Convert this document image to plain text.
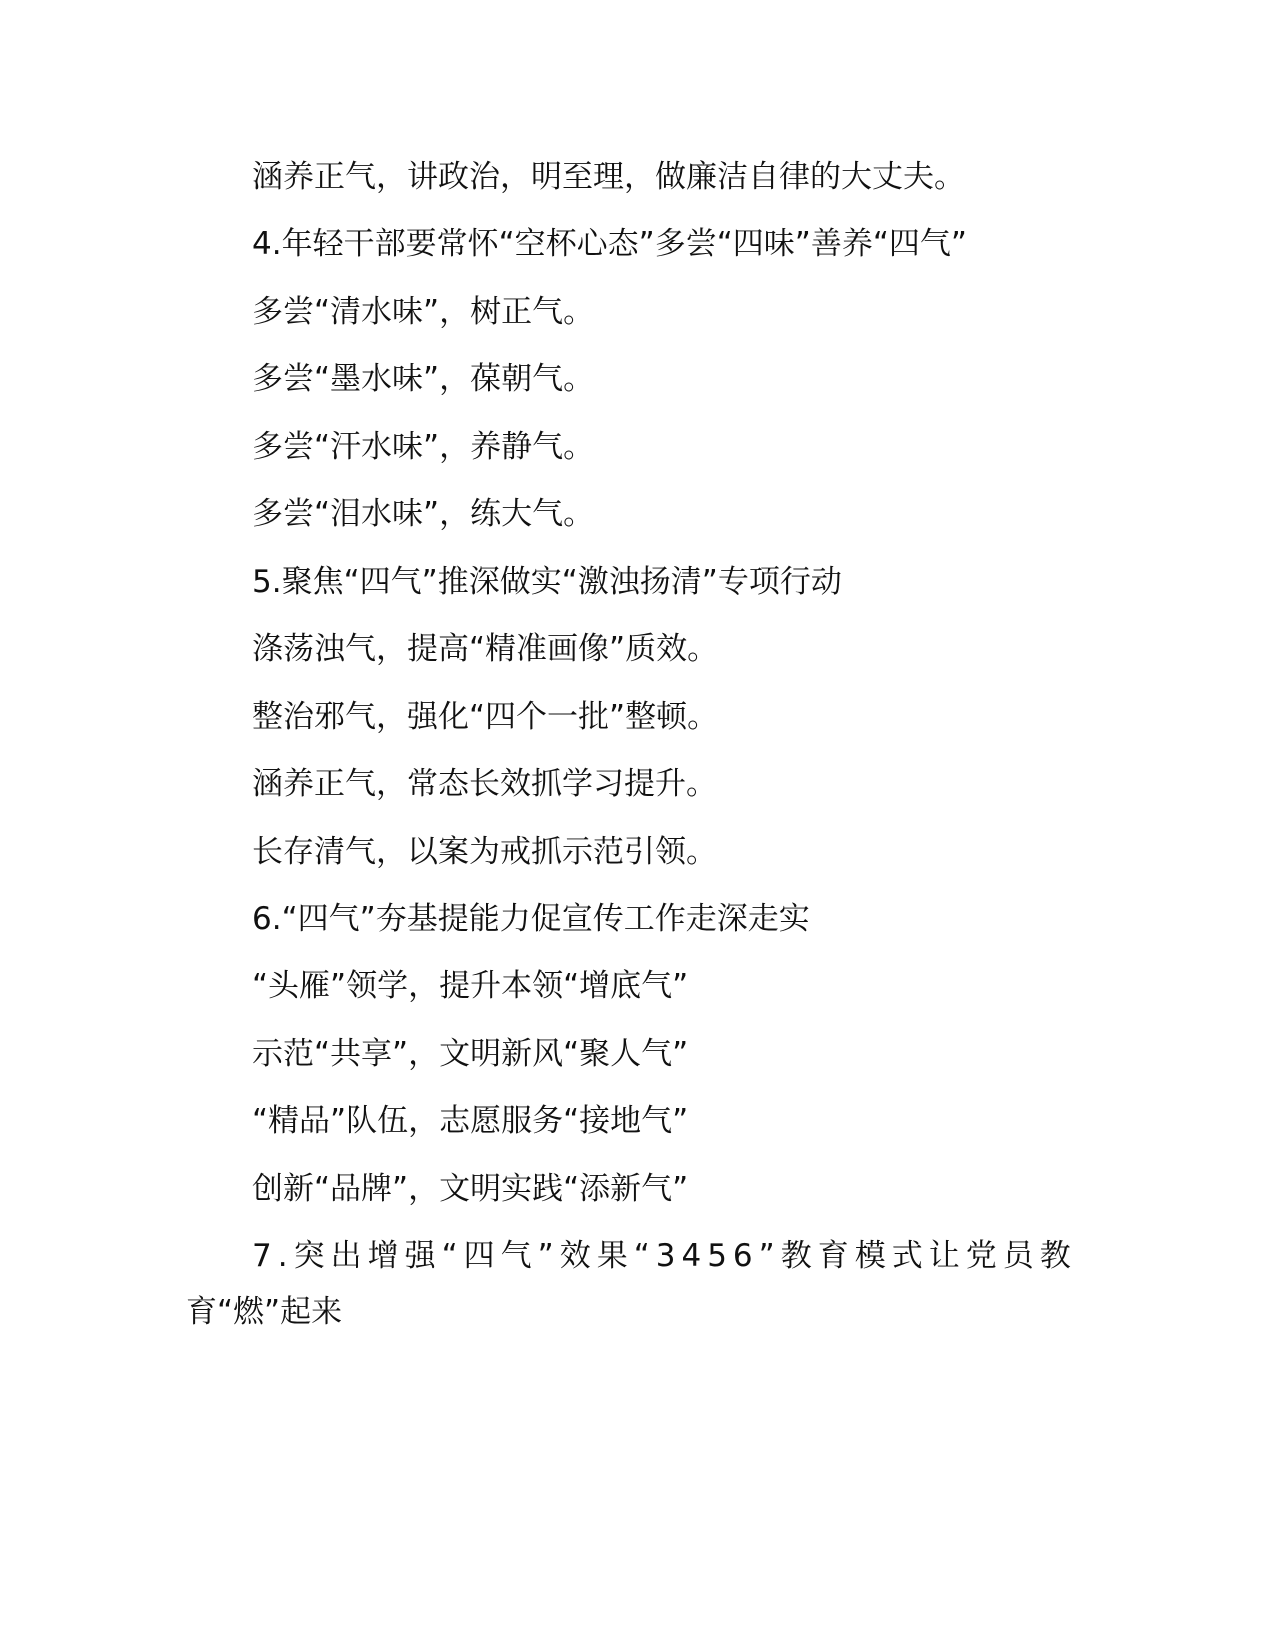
涵养正气，讲政治，明至理，做廉洁自律的大丈夫。
4.年轻干部要常怀“空杯心态”多尝“四味”善养“四气”
多尝“清水味”，树正气。
多尝“墨水味”，葆朝气。
多尝“汗水味”，养静气。
多尝“泪水味”，练大气。
5.聚焦“四气”推深做实“激浊扬清”专项行动
涤荡浊气，提高“精准画像”质效。
整治邪气，强化“四个一批”整顿。
涵养正气，常态长效抓学习提升。
长存清气，以案为戒抓示范引领。
6.“四气”夯基提能力促宣传工作走深走实
“头雁”领学，提升本领“增底气”
示范“共享”，文明新风“聚人气”
“精品”队伍，志愿服务“接地气”
创新“品牌”，文明实践“添新气”
7.突出增强“四气”效果“3456”教育模式让党员教
育“燃”起来
